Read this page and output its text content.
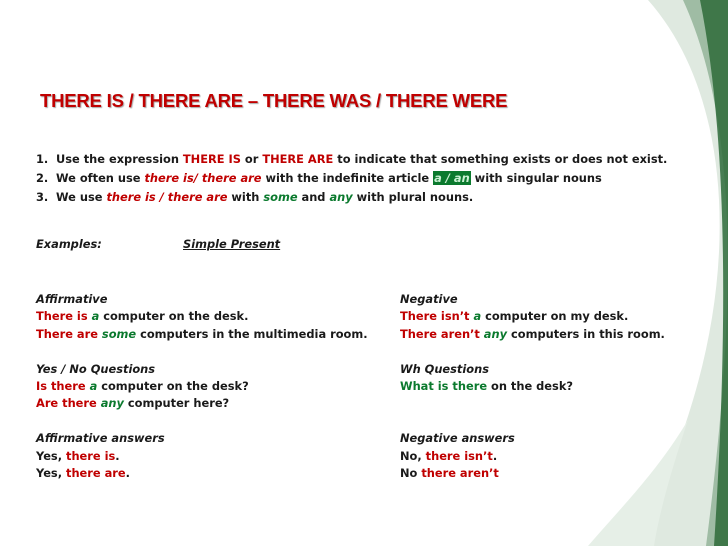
THERE IS / THERE ARE – THERE WAS / THERE WERE
1. Use the expression THERE IS or THERE ARE to indicate that something exists or does not exist.
2. We often use there is/ there are with the indefinite article a / an with singular nouns
3. We use there is / there are with some and any with plural nouns.
Examples:	Simple Present
Affirmative
There is a computer on the desk.
There are some computers in the multimedia room.
Yes / No Questions
Is there a computer on the desk?
Are there any computer here?
Affirmative answers
Yes, there is.
Yes, there are.
Negative
There isn’t a computer on my desk.
There aren’t any computers in this room.
Wh Questions
What is there on the desk?
Negative answers
No, there isn’t.
No there aren’t
